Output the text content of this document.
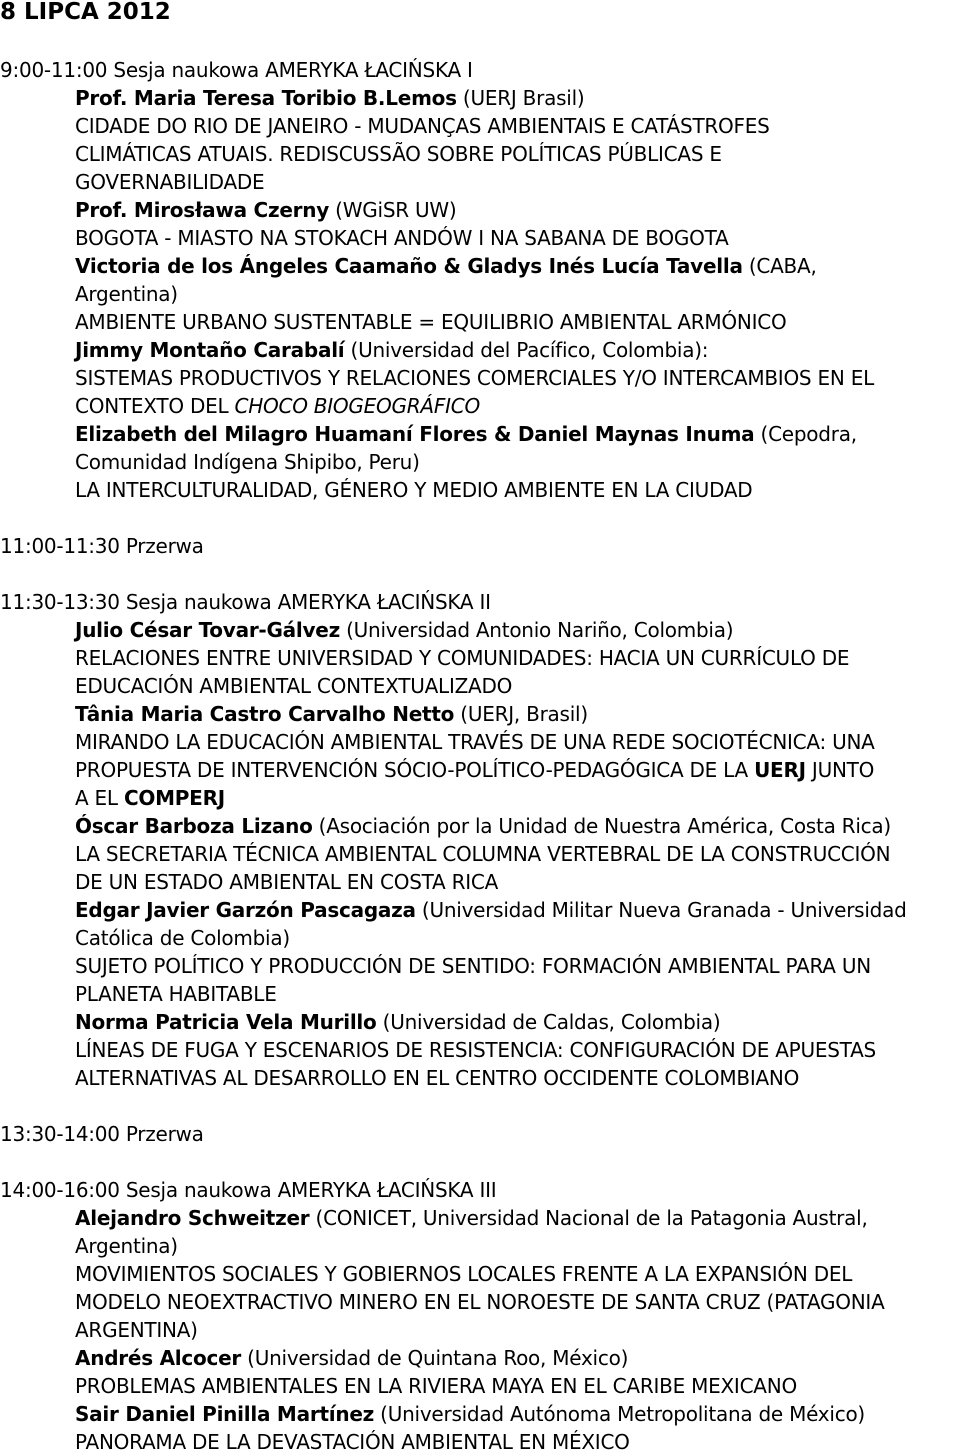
8 LIPCA 2012
9:00-11:00 Sesja naukowa AMERYKA ŁACIŃSKA I
Prof. Maria Teresa Toribio B.Lemos (UERJ Brasil)
CIDADE DO RIO DE JANEIRO - MUDANÇAS AMBIENTAIS E CATÁSTROFES
CLIMÁTICAS ATUAIS. REDISCUSSÃO SOBRE POLÍTICAS PÚBLICAS E
GOVERNABILIDADE
Prof. Mirosława Czerny (WGiSR UW)
BOGOTA - MIASTO NA STOKACH ANDÓW I NA SABANA DE BOGOTA
Victoria de los Ángeles Caamaño & Gladys Inés Lucía Tavella (CABA,
Argentina)
AMBIENTE URBANO SUSTENTABLE = EQUILIBRIO AMBIENTAL ARMÓNICO
Jimmy Montaño Carabalí (Universidad del Pacífico, Colombia):
SISTEMAS PRODUCTIVOS Y RELACIONES COMERCIALES Y/O INTERCAMBIOS EN EL
CONTEXTO DEL CHOCO BIOGEOGRÁFICO
Elizabeth del Milagro Huamaní Flores & Daniel Maynas Inuma (Cepodra,
Comunidad Indígena Shipibo, Peru)
LA INTERCULTURALIDAD, GÉNERO Y MEDIO AMBIENTE EN LA CIUDAD
11:00-11:30 Przerwa
11:30-13:30 Sesja naukowa AMERYKA ŁACIŃSKA II
Julio César Tovar-Gálvez (Universidad Antonio Nariño, Colombia)
RELACIONES ENTRE UNIVERSIDAD Y COMUNIDADES: HACIA UN CURRÍCULO DE
EDUCACIÓN AMBIENTAL CONTEXTUALIZADO
Tânia Maria Castro Carvalho Netto (UERJ, Brasil)
MIRANDO LA EDUCACIÓN AMBIENTAL TRAVÉS DE UNA REDE SOCIOTÉCNICA: UNA
PROPUESTA DE INTERVENCIÓN SÓCIO-POLÍTICO-PEDAGÓGICA DE LA UERJ JUNTO
A EL COMPERJ
Óscar Barboza Lizano (Asociación por la Unidad de Nuestra América, Costa Rica)
LA SECRETARIA TÉCNICA AMBIENTAL COLUMNA VERTEBRAL DE LA CONSTRUCCIÓN
DE UN ESTADO AMBIENTAL EN COSTA RICA
Edgar Javier Garzón Pascagaza (Universidad Militar Nueva Granada - Universidad
Católica de Colombia)
SUJETO POLÍTICO Y PRODUCCIÓN DE SENTIDO: FORMACIÓN AMBIENTAL PARA UN
PLANETA HABITABLE
Norma Patricia Vela Murillo (Universidad de Caldas, Colombia)
LÍNEAS DE FUGA Y ESCENARIOS DE RESISTENCIA: CONFIGURACIÓN DE APUESTAS
ALTERNATIVAS AL DESARROLLO EN EL CENTRO OCCIDENTE COLOMBIANO
13:30-14:00 Przerwa
14:00-16:00 Sesja naukowa AMERYKA ŁACIŃSKA III
Alejandro Schweitzer (CONICET, Universidad Nacional de la Patagonia Austral,
Argentina)
MOVIMIENTOS SOCIALES Y GOBIERNOS LOCALES FRENTE A LA EXPANSIÓN DEL
MODELO NEOEXTRACTIVO MINERO EN EL NOROESTE DE SANTA CRUZ (PATAGONIA
ARGENTINA)
Andrés Alcocer (Universidad de Quintana Roo, México)
PROBLEMAS AMBIENTALES EN LA RIVIERA MAYA EN EL CARIBE MEXICANO
Sair Daniel Pinilla Martínez (Universidad Autónoma Metropolitana de México)
PANORAMA DE LA DEVASTACIÓN AMBIENTAL EN MÉXICO
